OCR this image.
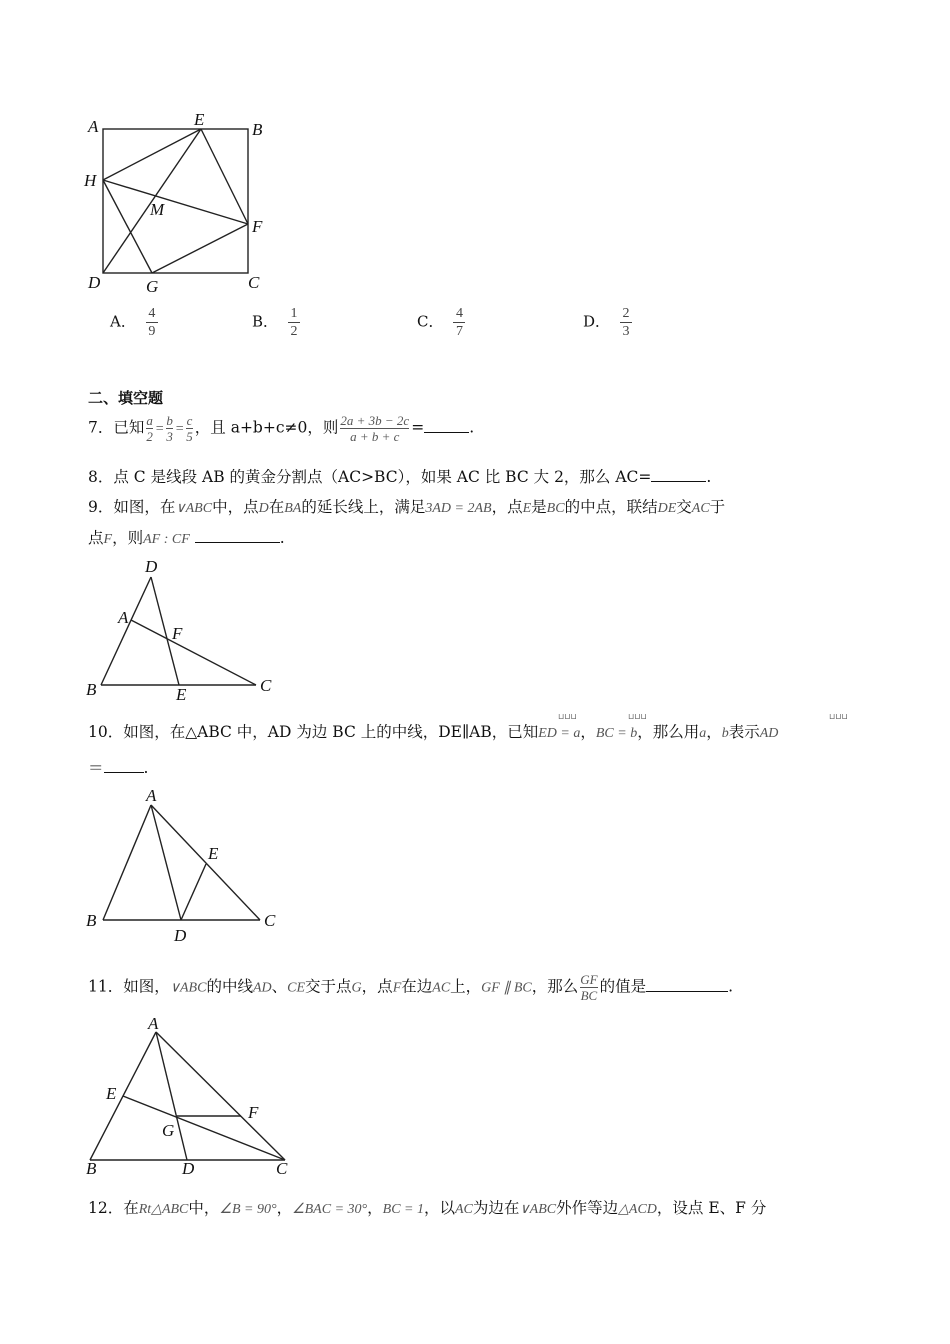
A	E
B
H
M
F
D	G	C
A． $\frac{4}{9}$	B． $\frac{1}{2}$	C． $\frac{4}{7}$	D． $\frac{2}{3}$
二、填空题
7．已知 $\frac{a}{2} = \frac{b}{3} = \frac{c}{5}$ ，且 a+b+c≠0，则 $\frac{2a + 3b - 2c}{a + b + c}$ =	.
8．点 C 是线段 AB 的黄金分割点（AC>BC），如果 AC 比 BC 大 2，那么 AC=	.
9．如图，在∨ABC中，点D在BA的延长线上，满足3AD = 2AB，点E是BC的中点，联结DE交AC于
点F，则AF : CF	.
D
A
F
B	E	C
⊔⊔⊔	⊔⊔⊔	⊔⊔⊔
10．如图，在△ABC 中，AD 为边 BC 上的中线，DE∥AB，已知ED = a，BC = b，那么用a，b表示AD
＝	.
A
E
B
D
C
11．如图，∨ABC的中线AD、CE交于点G，点F在边AC上，GF ∥ BC，那么 $\frac{GF}{BC}$ 的值是	.
A
E
F
G
B	D	C
12．在Rt△ABC中，∠B = 90°，∠BAC = 30°，BC = 1，以AC为边在∨ABC外作等边△ACD，设点 E、F 分
